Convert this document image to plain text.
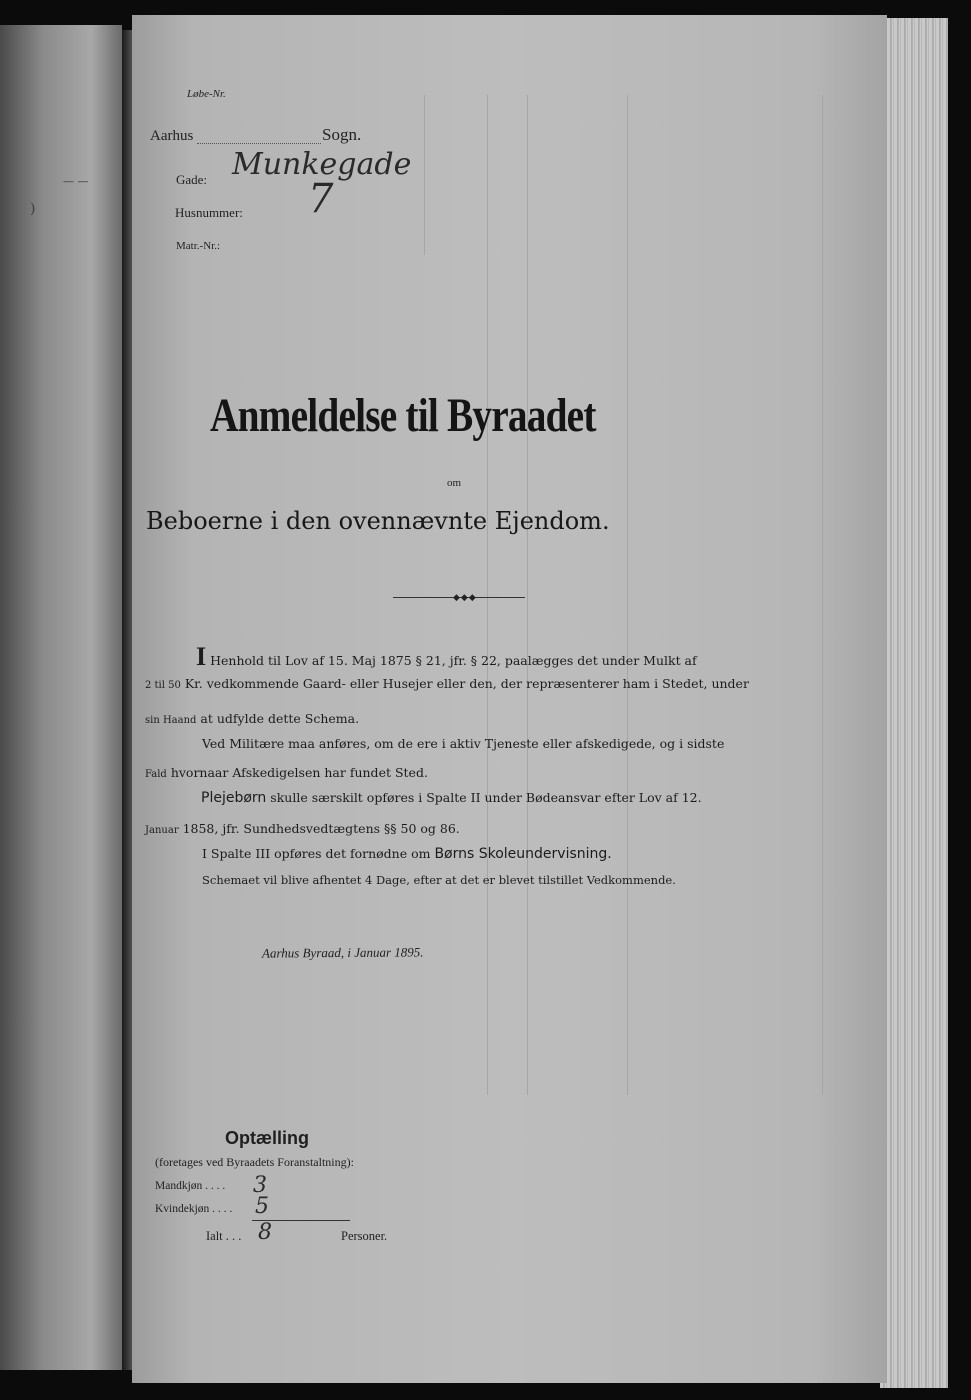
— —
)
Løbe-Nr.
Aarhus	Sogn.
Gade: Munkegade
Husnummer: 7
Matr.-Nr.:
Anmeldelse til Byraadet
om
Beboerne i den ovennævnte Ejendom.
◆◆◆
I Henhold til Lov af 15. Maj 1875 § 21, jfr. § 22, paalægges det under Mulkt af
2 til 50 Kr. vedkommende Gaard- eller Husejer eller den, der repræsenterer ham i Stedet, under
sin Haand at udfylde dette Schema.
Ved Militære maa anføres, om de ere i aktiv Tjeneste eller afskedigede, og i sidste
Fald hvornaar Afskedigelsen har fundet Sted.
Plejebørn skulle særskilt opføres i Spalte II under Bødeansvar efter Lov af 12.
Januar 1858, jfr. Sundhedsvedtægtens §§ 50 og 86.
I Spalte III opføres det fornødne om Børns Skoleundervisning.
Schemaet vil blive afhentet 4 Dage, efter at det er blevet tilstillet Vedkommende.
Aarhus Byraad, i Januar 1895.
Optælling
(foretages ved Byraadets Foranstaltning):
Mandkjøn . . . . 3
Kvindekjøn . . . . 5
Ialt . . . 8	Personer.
